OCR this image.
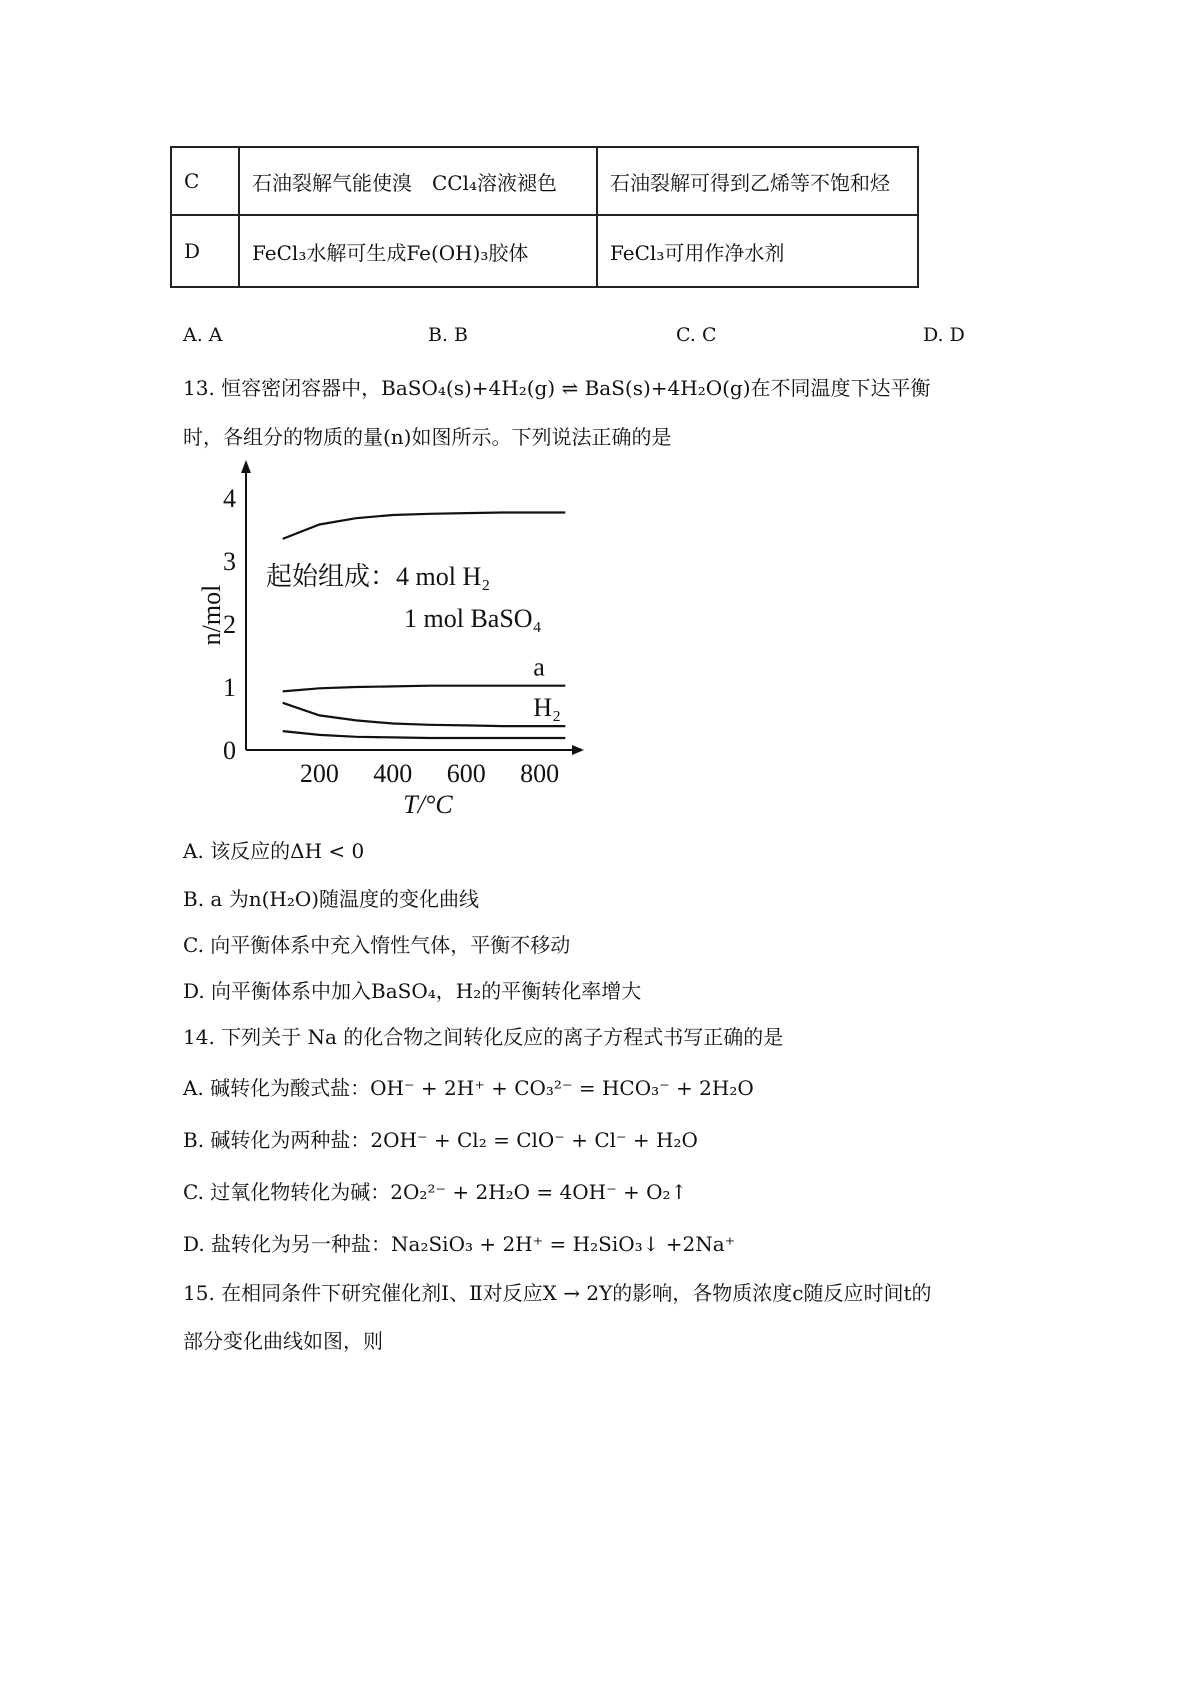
C	石油裂解气能使溴　CCl₄溶液褪色	石油裂解可得到乙烯等不饱和烃
D	FeCl₃水解可生成Fe(OH)₃胶体	FeCl₃可用作净水剂
A. A	B. B	C. C	D. D
13. 恒容密闭容器中，BaSO₄(s)+4H₂(g) ⇌ BaS(s)+4H₂O(g)在不同温度下达平衡
时，各组分的物质的量(n)如图所示。下列说法正确的是
200 400 600 800
0
1
2
3
4
a
H₂
n/mol
T/°C
起始组成：4 mol H₂
1 mol BaSO₄
A. 该反应的ΔH < 0
B. a 为n(H₂O)随温度的变化曲线
C. 向平衡体系中充入惰性气体，平衡不移动
D. 向平衡体系中加入BaSO₄，H₂的平衡转化率增大
14. 下列关于 Na 的化合物之间转化反应的离子方程式书写正确的是
A. 碱转化为酸式盐：OH⁻ + 2H⁺ + CO₃²⁻ = HCO₃⁻ + 2H₂O
B. 碱转化为两种盐：2OH⁻ + Cl₂ = ClO⁻ + Cl⁻ + H₂O
C. 过氧化物转化为碱：2O₂²⁻ + 2H₂O = 4OH⁻ + O₂↑
D. 盐转化为另一种盐：Na₂SiO₃ + 2H⁺ = H₂SiO₃↓ +2Na⁺
15. 在相同条件下研究催化剂Ⅰ、Ⅱ对反应X → 2Y的影响，各物质浓度c随反应时间t的
部分变化曲线如图，则
